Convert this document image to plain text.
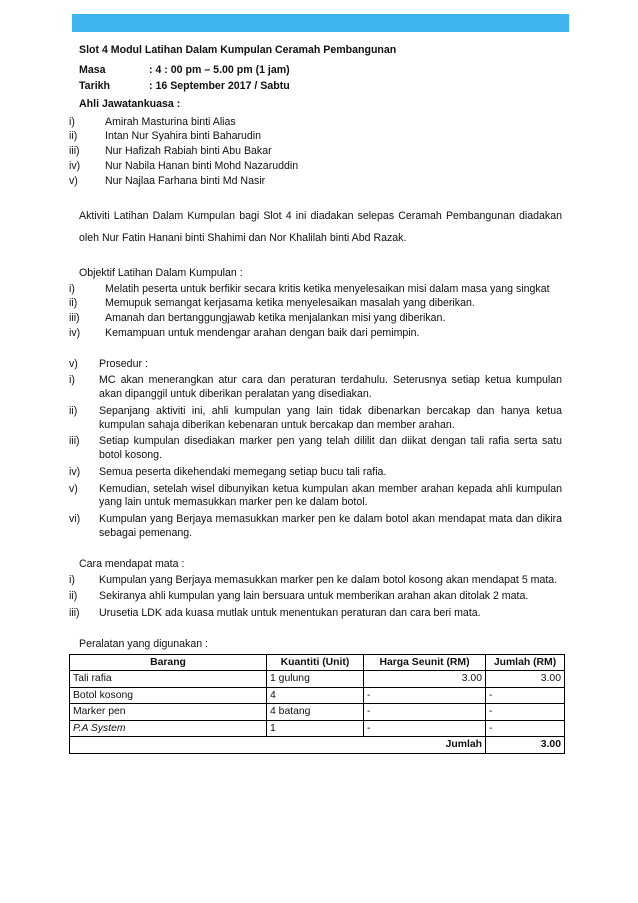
Slot 4 Modul Latihan Dalam Kumpulan Ceramah Pembangunan
Masa	: 4 : 00 pm – 5.00 pm (1 jam)
Tarikh	: 16 September 2017 / Sabtu
Ahli Jawatankuasa :
i)	Amirah Masturina binti Alias
ii)	Intan Nur Syahira binti Baharudin
iii)	Nur Hafizah Rabiah binti Abu Bakar
iv)	Nur Nabila Hanan binti Mohd Nazaruddin
v)	Nur Najlaa Farhana binti Md Nasir
Aktiviti Latihan Dalam Kumpulan bagi Slot 4 ini diadakan selepas Ceramah Pembangunan diadakan oleh Nur Fatin Hanani binti Shahimi dan Nor Khalilah binti Abd Razak.
Objektif Latihan Dalam Kumpulan :
i)	Melatih peserta untuk berfikir secara kritis ketika menyelesaikan misi dalam masa yang singkat
ii)	Memupuk semangat kerjasama ketika menyelesaikan masalah yang diberikan.
iii)	Amanah dan bertanggungjawab ketika menjalankan misi yang diberikan.
iv)	Kemampuan untuk mendengar arahan dengan baik dari pemimpin.
v)	Prosedur :
i)	MC akan menerangkan atur cara dan peraturan terdahulu. Seterusnya setiap ketua kumpulan akan dipanggil untuk diberikan peralatan yang disediakan.
ii)	Sepanjang aktiviti ini, ahli kumpulan yang lain tidak dibenarkan bercakap dan hanya ketua kumpulan sahaja diberikan kebenaran untuk bercakap dan member arahan.
iii)	Setiap kumpulan disediakan marker pen yang telah dililit dan diikat dengan tali rafia serta satu botol kosong.
iv)	Semua peserta dikehendaki memegang setiap bucu tali rafia.
v)	Kemudian, setelah wisel dibunyikan ketua kumpulan akan member arahan kepada ahli kumpulan yang lain untuk memasukkan marker pen ke dalam botol.
vi)	Kumpulan yang Berjaya memasukkan marker pen ke dalam botol akan mendapat mata dan dikira sebagai pemenang.
Cara mendapat mata :
i)	Kumpulan yang Berjaya memasukkan marker pen ke dalam botol kosong akan mendapat 5 mata.
ii)	Sekiranya ahli kumpulan yang lain bersuara untuk memberikan arahan akan ditolak 2 mata.
iii)	Urusetia LDK ada kuasa mutlak untuk menentukan peraturan dan cara beri mata.
Peralatan yang digunakan :
Barang	Kuantiti (Unit)	Harga Seunit (RM)	Jumlah (RM)
Tali rafia	1 gulung	3.00	3.00
Botol kosong	4	-	-
Marker pen	4 batang	-	-
P.A System	1	-	-
Jumlah			3.00
